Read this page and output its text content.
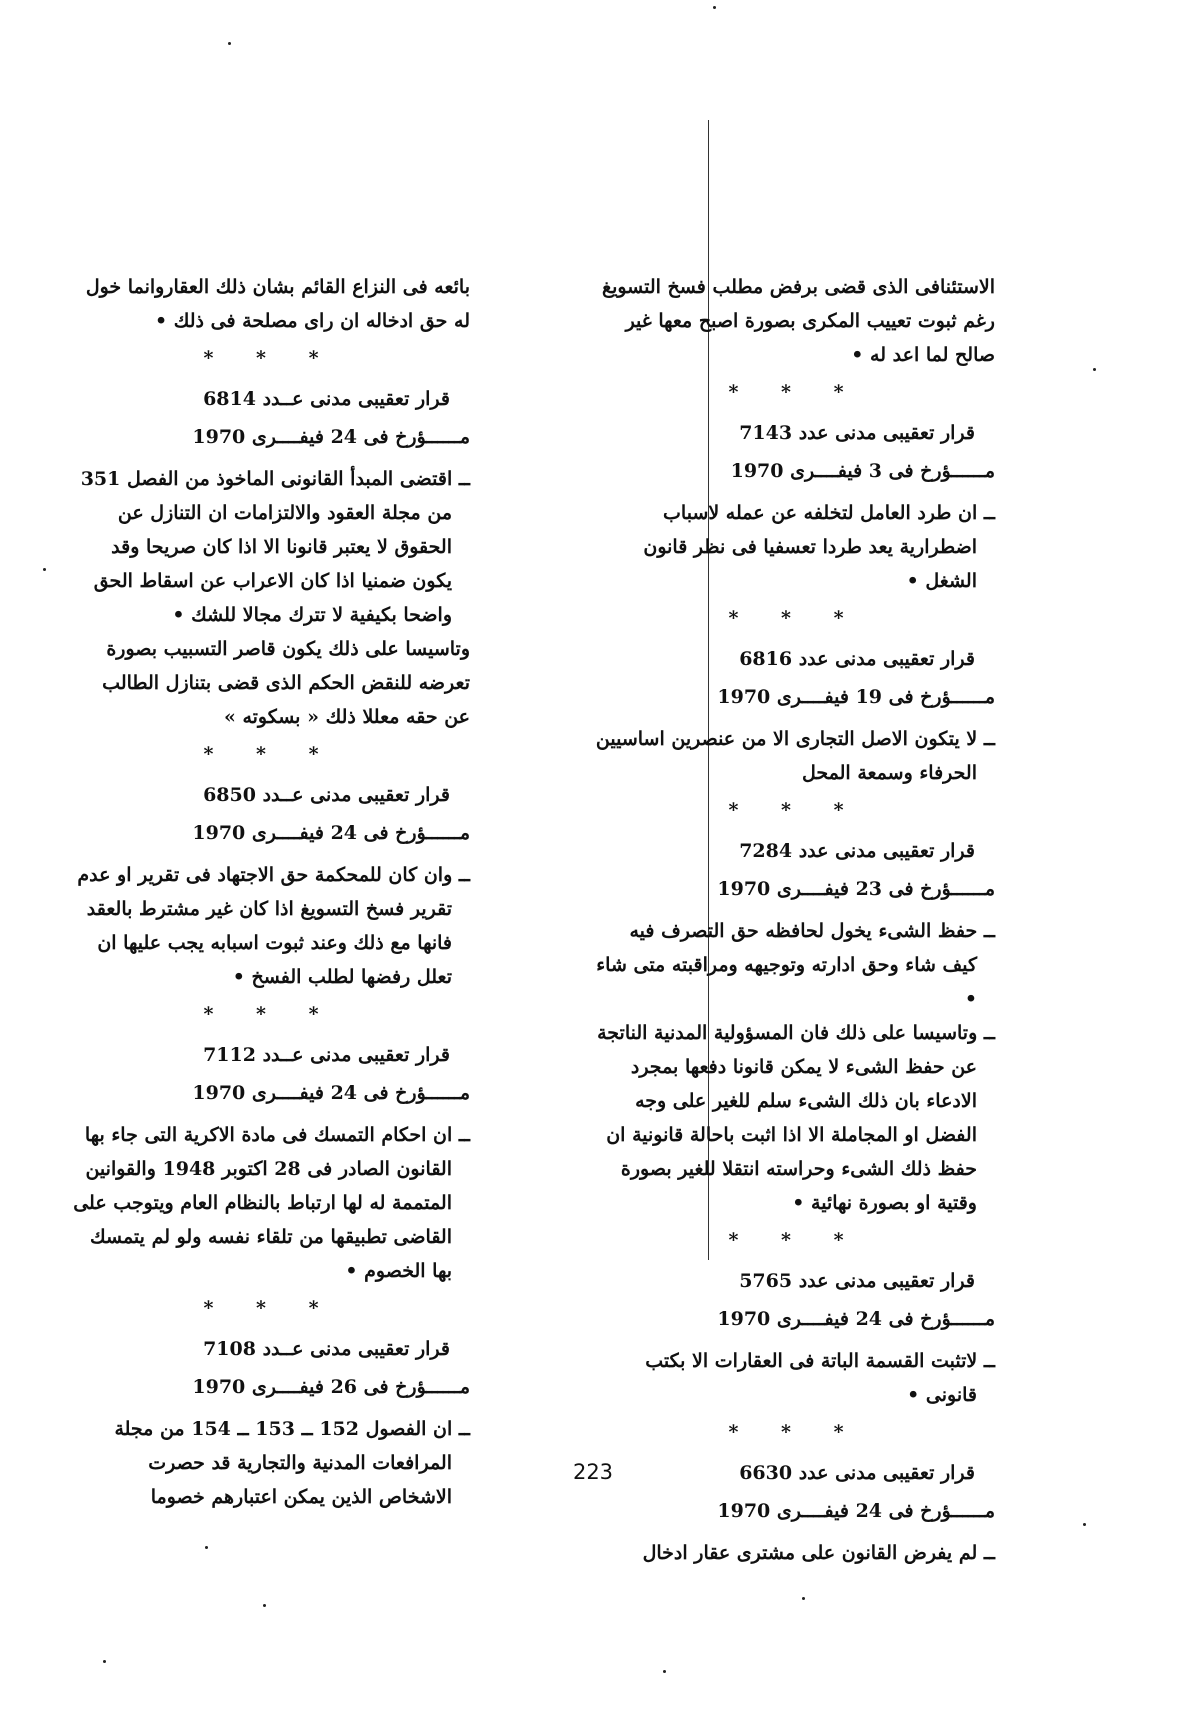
الاستئنافى الذى قضى برفض مطلب فسخ التسويغ رغم ثبوت تعييب المكرى بصورة اصبح معها غير صالح لما اعد له •

* * *
قرار تعقيبى مدنى عدد 7143
مــــــؤرخ فى 3 فيفــــرى 1970

ــ ان طرد العامل لتخلفه عن عمله لاسباب اضطرارية يعد طردا تعسفيا فى نظر قانون الشغل •

* * *
قرار تعقيبى مدنى عدد 6816
مــــــؤرخ فى 19 فيفــــرى 1970

ــ لا يتكون الاصل التجارى الا من عنصرين اساسيين الحرفاء وسمعة المحل

* * *
قرار تعقيبى مدنى عدد 7284
مــــــؤرخ فى 23 فيفــــرى 1970

ــ حفظ الشىء يخول لحافظه حق التصرف فيه كيف شاء وحق ادارته وتوجيهه ومراقبته متى شاء •

ــ وتاسيسا على ذلك فان المسؤولية المدنية الناتجة عن حفظ الشىء لا يمكن قانونا دفعها بمجرد الادعاء بان ذلك الشىء سلم للغير على وجه الفضل او المجاملة الا اذا اثبت باحالة قانونية ان حفظ ذلك الشىء وحراسته انتقلا للغير بصورة وقتية او بصورة نهائية •

* * *
قرار تعقيبى مدنى عدد 5765
مــــــؤرخ فى 24 فيفــــرى 1970

ــ لاتثبت القسمة الباتة فى العقارات الا بكتب قانونى •

* * *
قرار تعقيبى مدنى عدد 6630
مــــــؤرخ فى 24 فيفــــرى 1970

ــ لم يفرض القانون على مشترى عقار ادخال

بائعه فى النزاع القائم بشان ذلك العقاروانما خول له حق ادخاله ان راى مصلحة فى ذلك •

* * *
قرار تعقيبى مدنى عــدد 6814
مــــــؤرخ فى 24 فيفــــرى 1970

ــ اقتضى المبدأ القانونى الماخوذ من الفصل 351 من مجلة العقود والالتزامات ان التنازل عن الحقوق لا يعتبر قانونا الا اذا كان صريحا وقد يكون ضمنيا اذا كان الاعراب عن اسقاط الحق واضحا بكيفية لا تترك مجالا للشك •

وتاسيسا على ذلك يكون قاصر التسبيب بصورة تعرضه للنقض الحكم الذى قضى بتنازل الطالب عن حقه معللا ذلك « بسكوته »

* * *
قرار تعقيبى مدنى عــدد 6850
مــــــؤرخ فى 24 فيفــــرى 1970

ــ وان كان للمحكمة حق الاجتهاد فى تقرير او عدم تقرير فسخ التسويغ اذا كان غير مشترط بالعقد فانها مع ذلك وعند ثبوت اسبابه يجب عليها ان تعلل رفضها لطلب الفسخ •

* * *
قرار تعقيبى مدنى عــدد 7112
مــــــؤرخ فى 24 فيفــــرى 1970

ــ ان احكام التمسك فى مادة الاكرية التى جاء بها القانون الصادر فى 28 اكتوبر 1948 والقوانين المتممة له لها ارتباط بالنظام العام ويتوجب على القاضى تطبيقها من تلقاء نفسه ولو لم يتمسك بها الخصوم •

* * *
قرار تعقيبى مدنى عــدد 7108
مــــــؤرخ فى 26 فيفــــرى 1970

ــ ان الفصول 152 ــ 153 ــ 154 من مجلة المرافعات المدنية والتجارية قد حصرت الاشخاص الذين يمكن اعتبارهم خصوما

223
